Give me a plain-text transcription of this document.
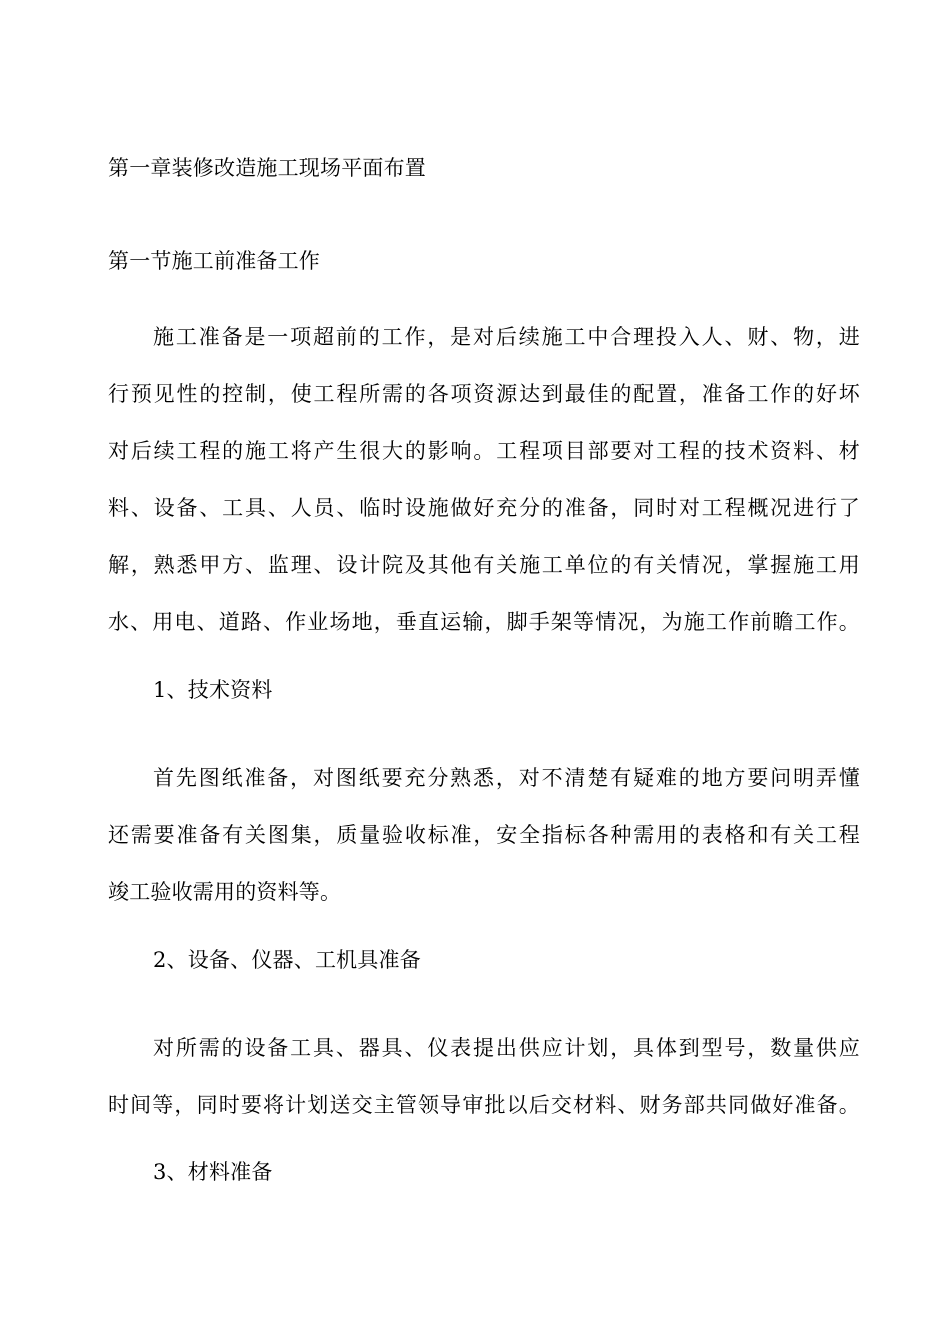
第一章装修改造施工现场平面布置
第一节施工前准备工作
施工准备是一项超前的工作，是对后续施工中合理投入人、财、物，进
行预见性的控制，使工程所需的各项资源达到最佳的配置，准备工作的好坏
对后续工程的施工将产生很大的影响。工程项目部要对工程的技术资料、材
料、设备、工具、人员、临时设施做好充分的准备，同时对工程概况进行了
解，熟悉甲方、监理、设计院及其他有关施工单位的有关情况，掌握施工用
水、用电、道路、作业场地，垂直运输，脚手架等情况，为施工作前瞻工作。
1、技术资料
首先图纸准备，对图纸要充分熟悉，对不清楚有疑难的地方要问明弄懂
还需要准备有关图集，质量验收标准，安全指标各种需用的表格和有关工程
竣工验收需用的资料等。
2、设备、仪器、工机具准备
对所需的设备工具、器具、仪表提出供应计划，具体到型号，数量供应
时间等，同时要将计划送交主管领导审批以后交材料、财务部共同做好准备。
3、材料准备
